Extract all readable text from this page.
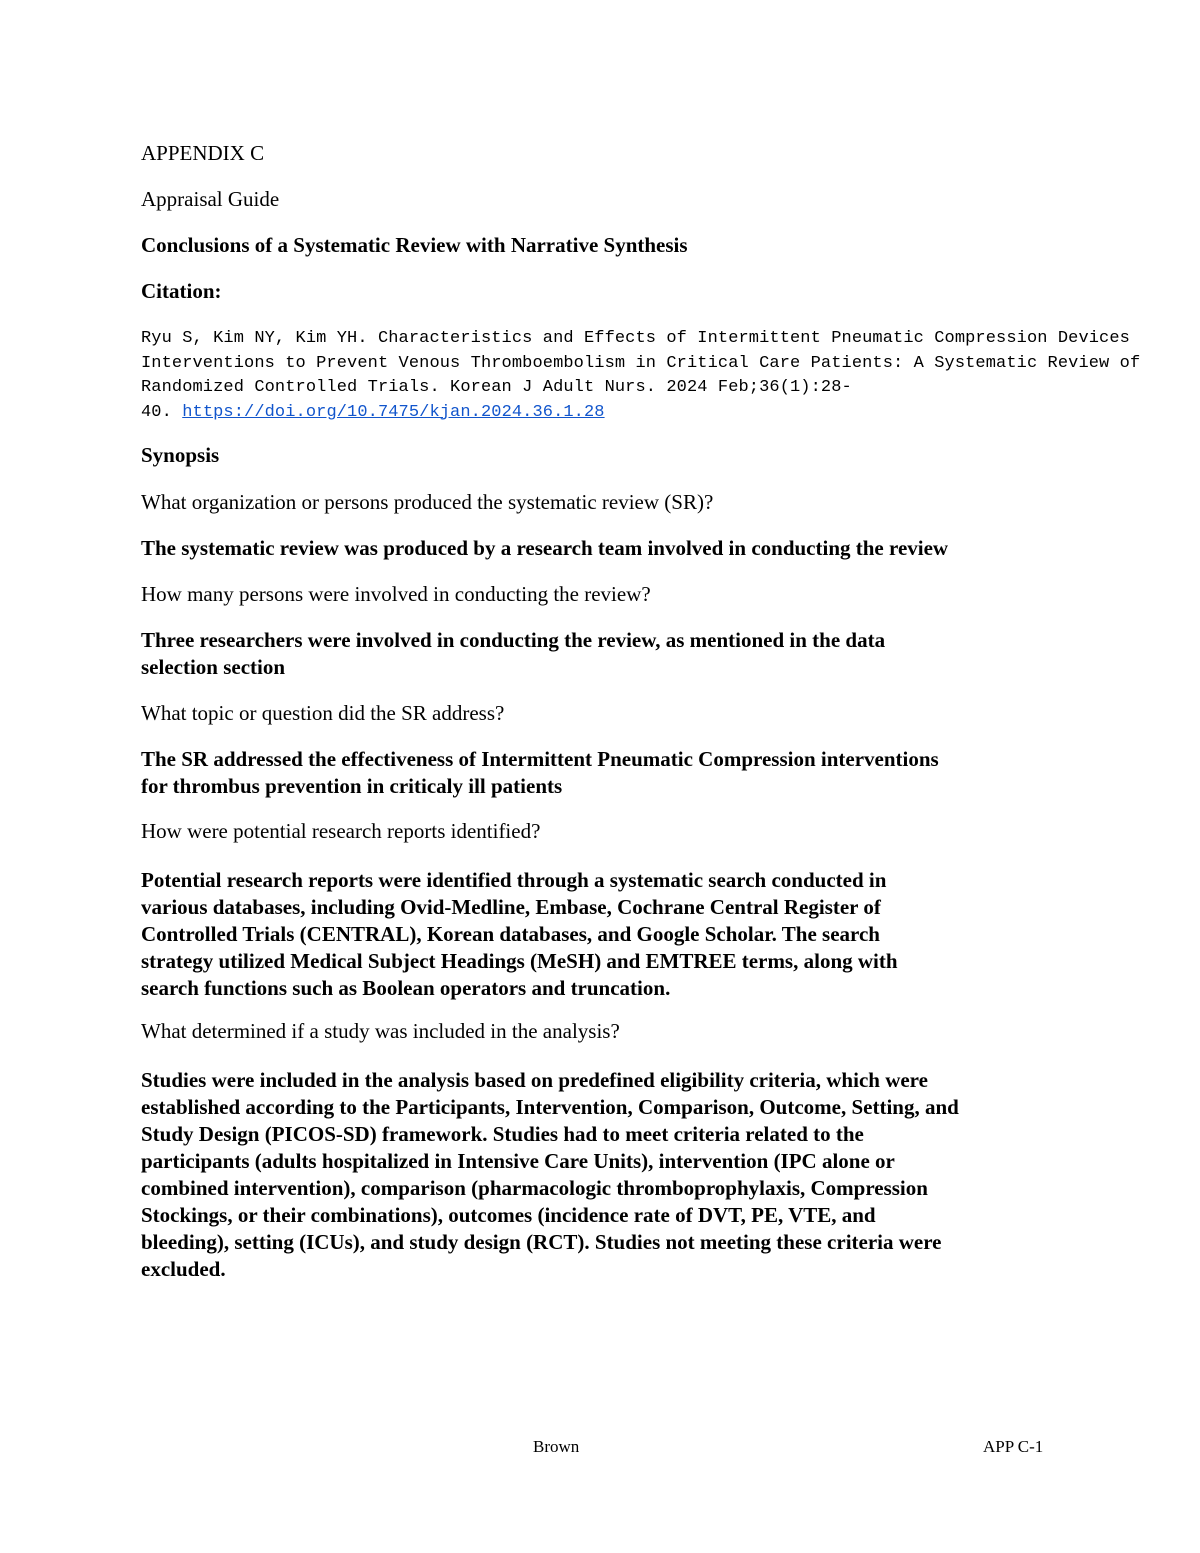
APPENDIX C

Appraisal Guide

Conclusions of a Systematic Review with Narrative Synthesis

Citation:

Ryu S, Kim NY, Kim YH. Characteristics and Effects of Intermittent Pneumatic Compression Devices
Interventions to Prevent Venous Thromboembolism in Critical Care Patients: A Systematic Review of
Randomized Controlled Trials. Korean J Adult Nurs. 2024 Feb;36(1):28-
40. https://doi.org/10.7475/kjan.2024.36.1.28

Synopsis

What organization or persons produced the systematic review (SR)?

The systematic review was produced by a research team involved in conducting the review

How many persons were involved in conducting the review?

Three researchers were involved in conducting the review, as mentioned in the data
selection section

What topic or question did the SR address?

The SR addressed the effectiveness of Intermittent Pneumatic Compression interventions
for thrombus prevention in criticaly ill patients

How were potential research reports identified?

Potential research reports were identified through a systematic search conducted in
various databases, including Ovid-Medline, Embase, Cochrane Central Register of
Controlled Trials (CENTRAL), Korean databases, and Google Scholar. The search
strategy utilized Medical Subject Headings (MeSH) and EMTREE terms, along with
search functions such as Boolean operators and truncation.

What determined if a study was included in the analysis?

Studies were included in the analysis based on predefined eligibility criteria, which were
established according to the Participants, Intervention, Comparison, Outcome, Setting, and
Study Design (PICOS-SD) framework. Studies had to meet criteria related to the
participants (adults hospitalized in Intensive Care Units), intervention (IPC alone or
combined intervention), comparison (pharmacologic thromboprophylaxis, Compression
Stockings, or their combinations), outcomes (incidence rate of DVT, PE, VTE, and
bleeding), setting (ICUs), and study design (RCT). Studies not meeting these criteria were
excluded.
Brown	APP C-1
